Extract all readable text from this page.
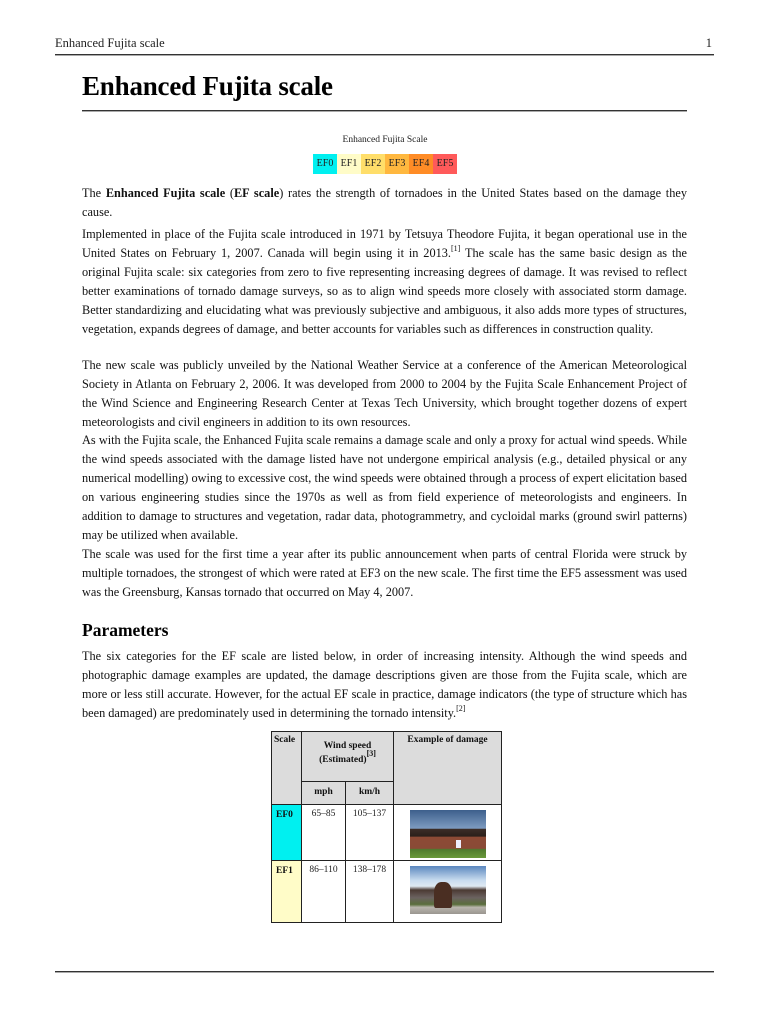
Enhanced Fujita scale	1
Enhanced Fujita scale
Enhanced Fujita Scale
EF0 EF1 EF2 EF3 EF4 EF5

The Enhanced Fujita scale (EF scale) rates the strength of tornadoes in the United States based on the damage they cause.

Implemented in place of the Fujita scale introduced in 1971 by Tetsuya Theodore Fujita, it began operational use in the United States on February 1, 2007. Canada will begin using it in 2013.[1] The scale has the same basic design as the original Fujita scale: six categories from zero to five representing increasing degrees of damage. It was revised to reflect better examinations of tornado damage surveys, so as to align wind speeds more closely with associated storm damage. Better standardizing and elucidating what was previously subjective and ambiguous, it also adds more types of structures, vegetation, expands degrees of damage, and better accounts for variables such as differences in construction quality.

The new scale was publicly unveiled by the National Weather Service at a conference of the American Meteorological Society in Atlanta on February 2, 2006. It was developed from 2000 to 2004 by the Fujita Scale Enhancement Project of the Wind Science and Engineering Research Center at Texas Tech University, which brought together dozens of expert meteorologists and civil engineers in addition to its own resources.

As with the Fujita scale, the Enhanced Fujita scale remains a damage scale and only a proxy for actual wind speeds. While the wind speeds associated with the damage listed have not undergone empirical analysis (e.g., detailed physical or any numerical modelling) owing to excessive cost, the wind speeds were obtained through a process of expert elicitation based on various engineering studies since the 1970s as well as from field experience of meteorologists and engineers. In addition to damage to structures and vegetation, radar data, photogrammetry, and cycloidal marks (ground swirl patterns) may be utilized when available.

The scale was used for the first time a year after its public announcement when parts of central Florida were struck by multiple tornadoes, the strongest of which were rated at EF3 on the new scale. The first time the EF5 assessment was used was the Greensburg, Kansas tornado that occurred on May 4, 2007.

Parameters

The six categories for the EF scale are listed below, in order of increasing intensity. Although the wind speeds and photographic damage examples are updated, the damage descriptions given are those from the Fujita scale, which are more or less still accurate. However, for the actual EF scale in practice, damage indicators (the type of structure which has been damaged) are predominately used in determining the tornado intensity.[2]

Scale	Wind speed
(Estimated)[3]		Example of damage
	mph	km/h	
EF0	65–85	105–137	

EF1	86–110	138–178	
